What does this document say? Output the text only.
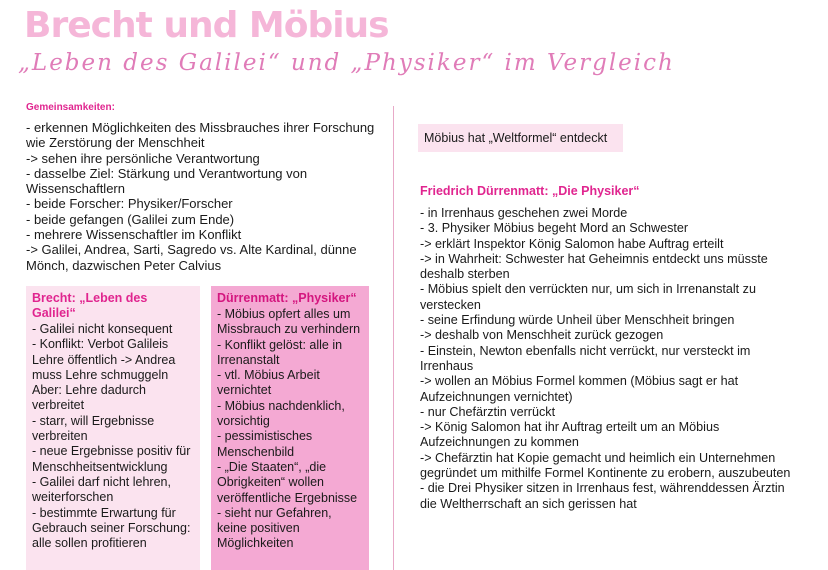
Brecht und Möbius
„Leben des Galilei“ und „Physiker“ im Vergleich
Gemeinsamkeiten:
- erkennen Möglichkeiten des Missbrauches ihrer Forschung wie Zerstörung der Menschheit
-> sehen ihre persönliche Verantwortung
- dasselbe Ziel: Stärkung und Verantwortung von Wissenschaftlern
- beide Forscher: Physiker/Forscher
- beide gefangen (Galilei zum Ende)
- mehrere Wissenschaftler im Konflikt
-> Galilei, Andrea, Sarti, Sagredo vs. Alte Kardinal, dünne Mönch, dazwischen Peter Calvius
Brecht: „Leben des Galilei“
- Galilei nicht konsequent
- Konflikt: Verbot Galileis Lehre öffentlich -> Andrea muss Lehre schmuggeln
Aber: Lehre dadurch verbreitet
- starr, will Ergebnisse verbreiten
- neue Ergebnisse positiv für Menschheitsentwicklung
- Galilei darf nicht lehren, weiterforschen
- bestimmte Erwartung für Gebrauch seiner Forschung: alle sollen profitieren
Dürrenmatt: „Physiker“
- Möbius opfert alles um Missbrauch zu verhindern
- Konflikt gelöst: alle in Irrenanstalt
- vtl. Möbius Arbeit vernichtet
- Möbius nachdenklich, vorsichtig
- pessimistisches Menschenbild
- „Die Staaten“, „die Obrigkeiten“ wollen veröffentliche Ergebnisse
- sieht nur Gefahren, keine positiven Möglichkeiten
Möbius hat „Weltformel“ entdeckt
Friedrich Dürrenmatt: „Die Physiker“
- in Irrenhaus geschehen zwei Morde
- 3. Physiker Möbius begeht Mord an Schwester
-> erklärt Inspektor König Salomon habe Auftrag erteilt
-> in Wahrheit: Schwester hat Geheimnis entdeckt uns müsste deshalb sterben
- Möbius spielt den verrückten nur, um sich in Irrenanstalt zu verstecken
- seine Erfindung würde Unheil über Menschheit bringen
-> deshalb von Menschheit zurück gezogen
- Einstein, Newton ebenfalls nicht verrückt, nur versteckt im Irrenhaus
-> wollen an Möbius Formel kommen (Möbius sagt er hat Aufzeichnungen vernichtet)
- nur Chefärztin verrückt
-> König Salomon hat ihr Auftrag erteilt um an Möbius Aufzeichnungen zu kommen
-> Chefärztin hat Kopie gemacht und heimlich ein Unternehmen gegründet um mithilfe Formel Kontinente zu erobern, auszubeuten
- die Drei Physiker sitzen in Irrenhaus fest, währenddessen Ärztin die Weltherrschaft an sich gerissen hat
